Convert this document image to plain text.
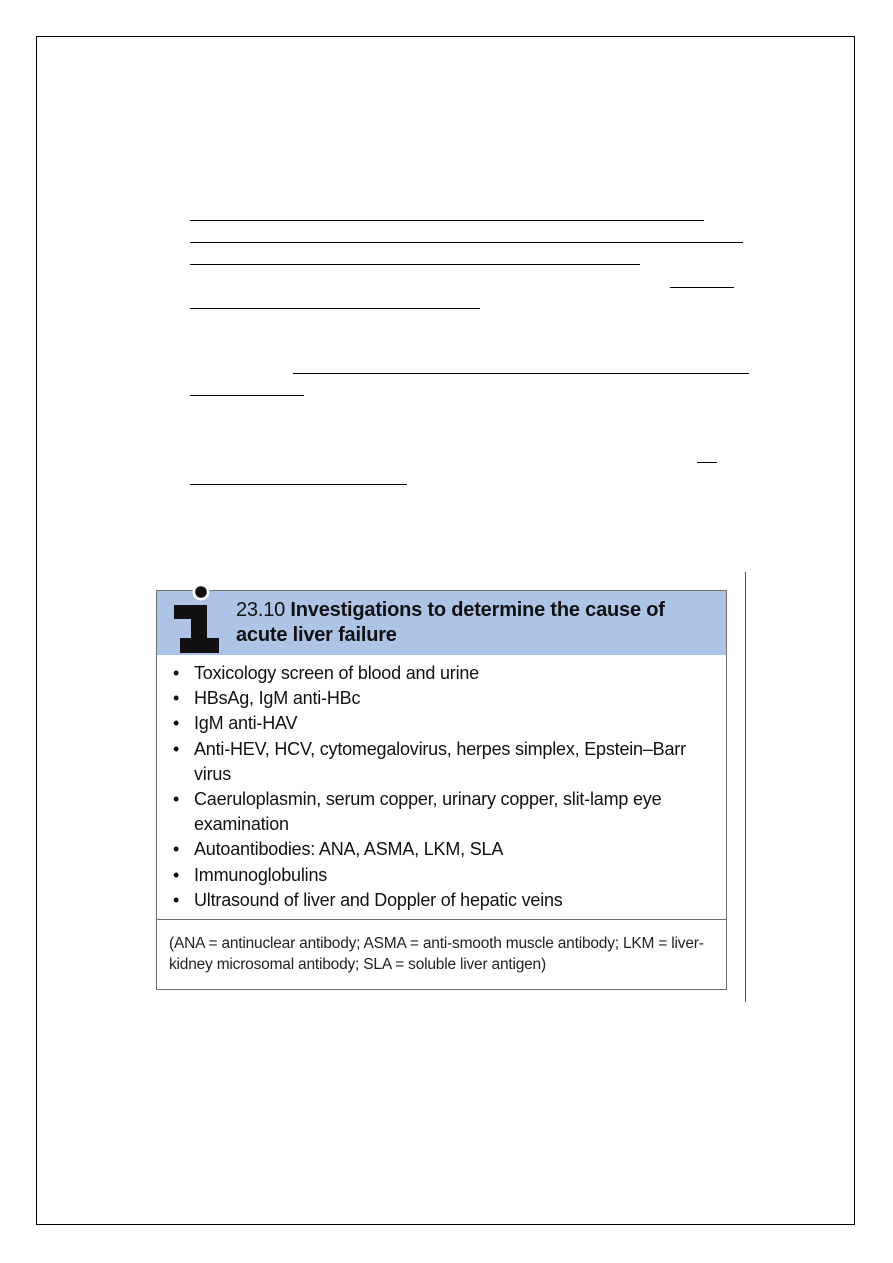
23.10 Investigations to determine the cause of acute liver failure
• Toxicology screen of blood and urine
• HBsAg, IgM anti-HBc
• IgM anti-HAV
• Anti-HEV, HCV, cytomegalovirus, herpes simplex, Epstein–Barr virus
• Caeruloplasmin, serum copper, urinary copper, slit-lamp eye examination
• Autoantibodies: ANA, ASMA, LKM, SLA
• Immunoglobulins
• Ultrasound of liver and Doppler of hepatic veins
(ANA = antinuclear antibody; ASMA = anti-smooth muscle antibody; LKM = liver-kidney microsomal antibody; SLA = soluble liver antigen)
